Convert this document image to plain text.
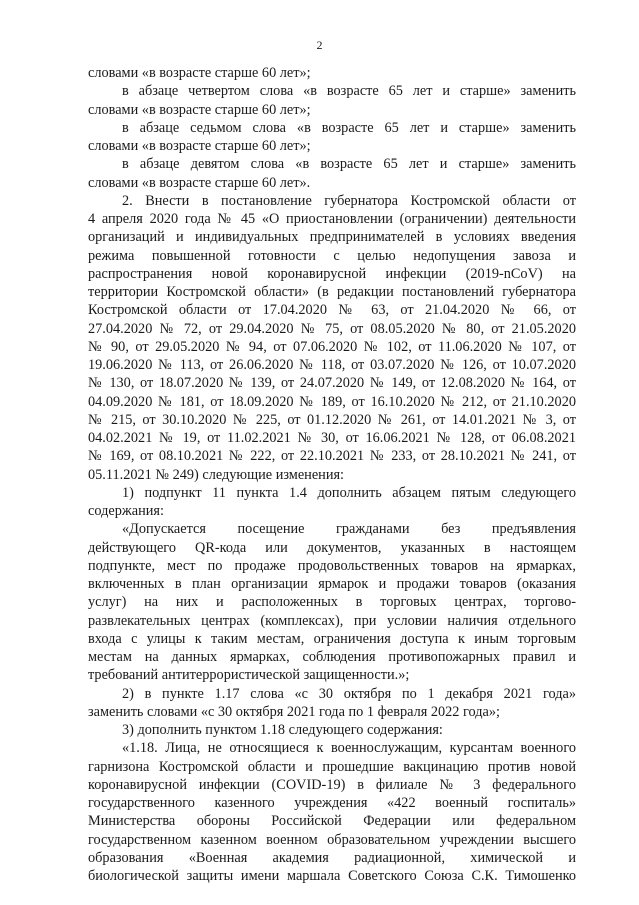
2
словами «в возрасте старше 60 лет»;
в абзаце четвертом слова «в возрасте 65 лет и старше» заменить
словами «в возрасте старше 60 лет»;
в абзаце седьмом слова «в возрасте 65 лет и старше» заменить
словами «в возрасте старше 60 лет»;
в абзаце девятом слова «в возрасте 65 лет и старше» заменить
словами «в возрасте старше 60 лет».
2. Внести в постановление губернатора Костромской области от
4 апреля 2020 года № 45 «О приостановлении (ограничении) деятельности
организаций и индивидуальных предпринимателей в условиях введения
режима повышенной готовности с целью недопущения завоза и
распространения новой коронавирусной инфекции (2019-nCoV) на
территории Костромской области» (в редакции постановлений губернатора
Костромской области от 17.04.2020 № 63, от 21.04.2020 № 66, от
27.04.2020 № 72, от 29.04.2020 № 75, от 08.05.2020 № 80, от 21.05.2020
№ 90, от 29.05.2020 № 94, от 07.06.2020 № 102, от 11.06.2020 № 107, от
19.06.2020 № 113, от 26.06.2020 № 118, от 03.07.2020 № 126, от 10.07.2020
№ 130, от 18.07.2020 № 139, от 24.07.2020 № 149, от 12.08.2020 № 164, от
04.09.2020 № 181, от 18.09.2020 № 189, от 16.10.2020 № 212, от 21.10.2020
№ 215, от 30.10.2020 № 225, от 01.12.2020 № 261, от 14.01.2021 № 3, от
04.02.2021 № 19, от 11.02.2021 № 30, от 16.06.2021 № 128, от 06.08.2021
№ 169, от 08.10.2021 № 222, от 22.10.2021 № 233, от 28.10.2021 № 241, от
05.11.2021 № 249) следующие изменения:
1) подпункт 11 пункта 1.4 дополнить абзацем пятым следующего
содержания:
«Допускается посещение гражданами без предъявления
действующего QR-кода или документов, указанных в настоящем
подпункте, мест по продаже продовольственных товаров на ярмарках,
включенных в план организации ярмарок и продажи товаров (оказания
услуг) на них и расположенных в торговых центрах, торгово-
развлекательных центрах (комплексах), при условии наличия отдельного
входа с улицы к таким местам, ограничения доступа к иным торговым
местам на данных ярмарках, соблюдения противопожарных правил и
требований антитеррористической защищенности.»;
2) в пункте 1.17 слова «с 30 октября по 1 декабря 2021 года»
заменить словами «с 30 октября 2021 года по 1 февраля 2022 года»;
3) дополнить пунктом 1.18 следующего содержания:
«1.18. Лица, не относящиеся к военнослужащим, курсантам военного
гарнизона Костромской области и прошедшие вакцинацию против новой
коронавирусной инфекции (COVID-19) в филиале № 3 федерального
государственного казенного учреждения «422 военный госпиталь»
Министерства обороны Российской Федерации или федеральном
государственном казенном военном образовательном учреждении высшего
образования «Военная академия радиационной, химической и
биологической защиты имени маршала Советского Союза С.К. Тимошенко
